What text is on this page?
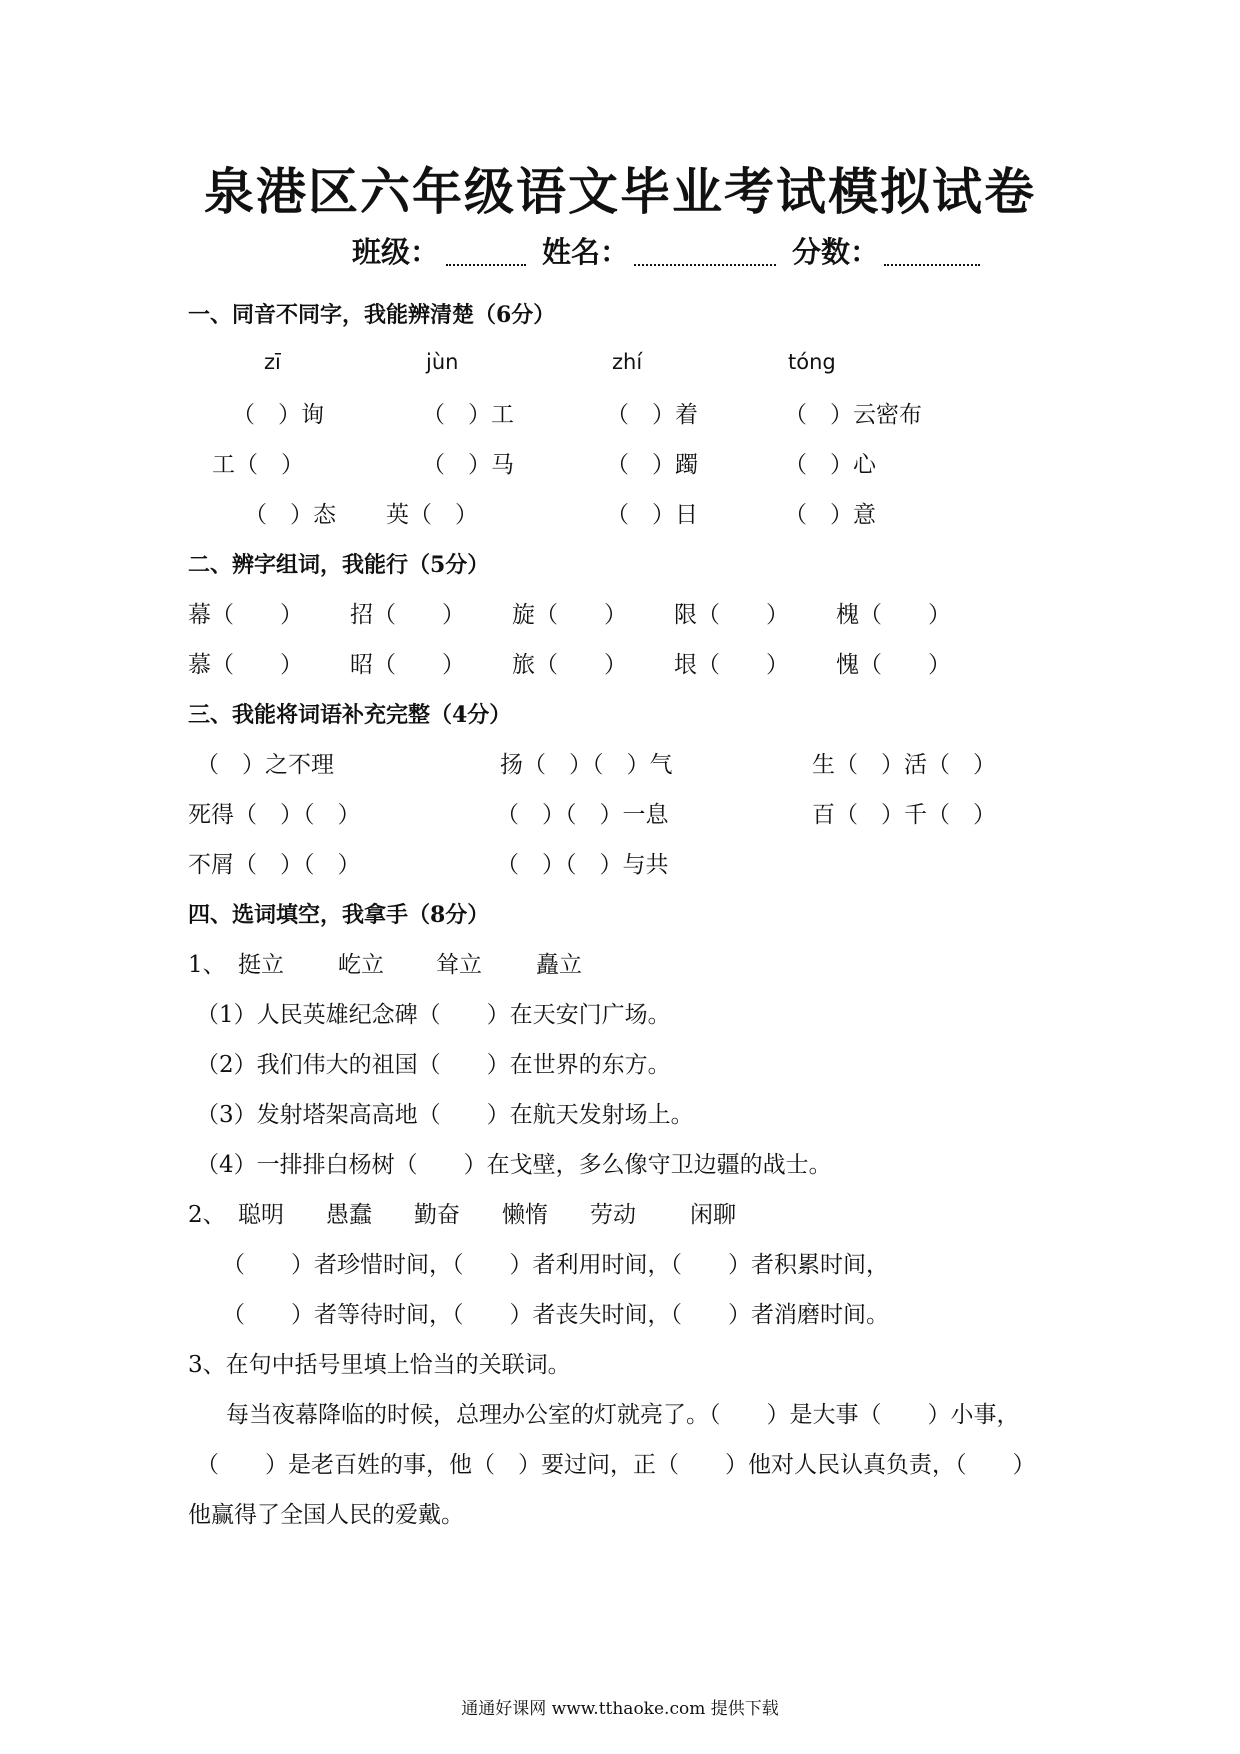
泉港区六年级语文毕业考试模拟试卷
班级：	姓名：	分数：
一、同音不同字，我能辨清楚（6分）
zī	jùn	zhí	tóng
（　）询	（　）工	（　）着	（　）云密布
工（　）	（　）马	（　）躅	（　）心
（　）态 英（　）	（　）日	（　）意
二、辨字组词，我能行（5分）
幕（　　） 招（　　） 旋（　　） 限（　　） 槐（　　）
慕（　　） 昭（　　） 旅（　　） 垠（　　） 愧（　　）
三、我能将词语补充完整（4分）
（　）之不理	扬（　）（　）气	生（　）活（　）
死得（　）（　）	（　）（　）一息	百（　）千（　）
不屑（　）（　）	（　）（　）与共
四、选词填空，我拿手（8分）
1、 挺立 屹立 耸立 矗立
（1）人民英雄纪念碑（　　）在天安门广场。
（2）我们伟大的祖国（　　）在世界的东方。
（3）发射塔架高高地（　　）在航天发射场上。
（4）一排排白杨树（　　）在戈壁，多么像守卫边疆的战士。
2、 聪明 愚蠢 勤奋 懒惰 劳动 闲聊
（　　）者珍惜时间，（　　）者利用时间，（　　）者积累时间，
（　　）者等待时间，（　　）者丧失时间，（　　）者消磨时间。
3、在句中括号里填上恰当的关联词。
每当夜幕降临的时候，总理办公室的灯就亮了。（　　）是大事（　　）小事，
（　　）是老百姓的事，他（　）要过问，正（　　）他对人民认真负责，（　　）
他赢得了全国人民的爱戴。
通通好课网 www.tthaoke.com 提供下载
